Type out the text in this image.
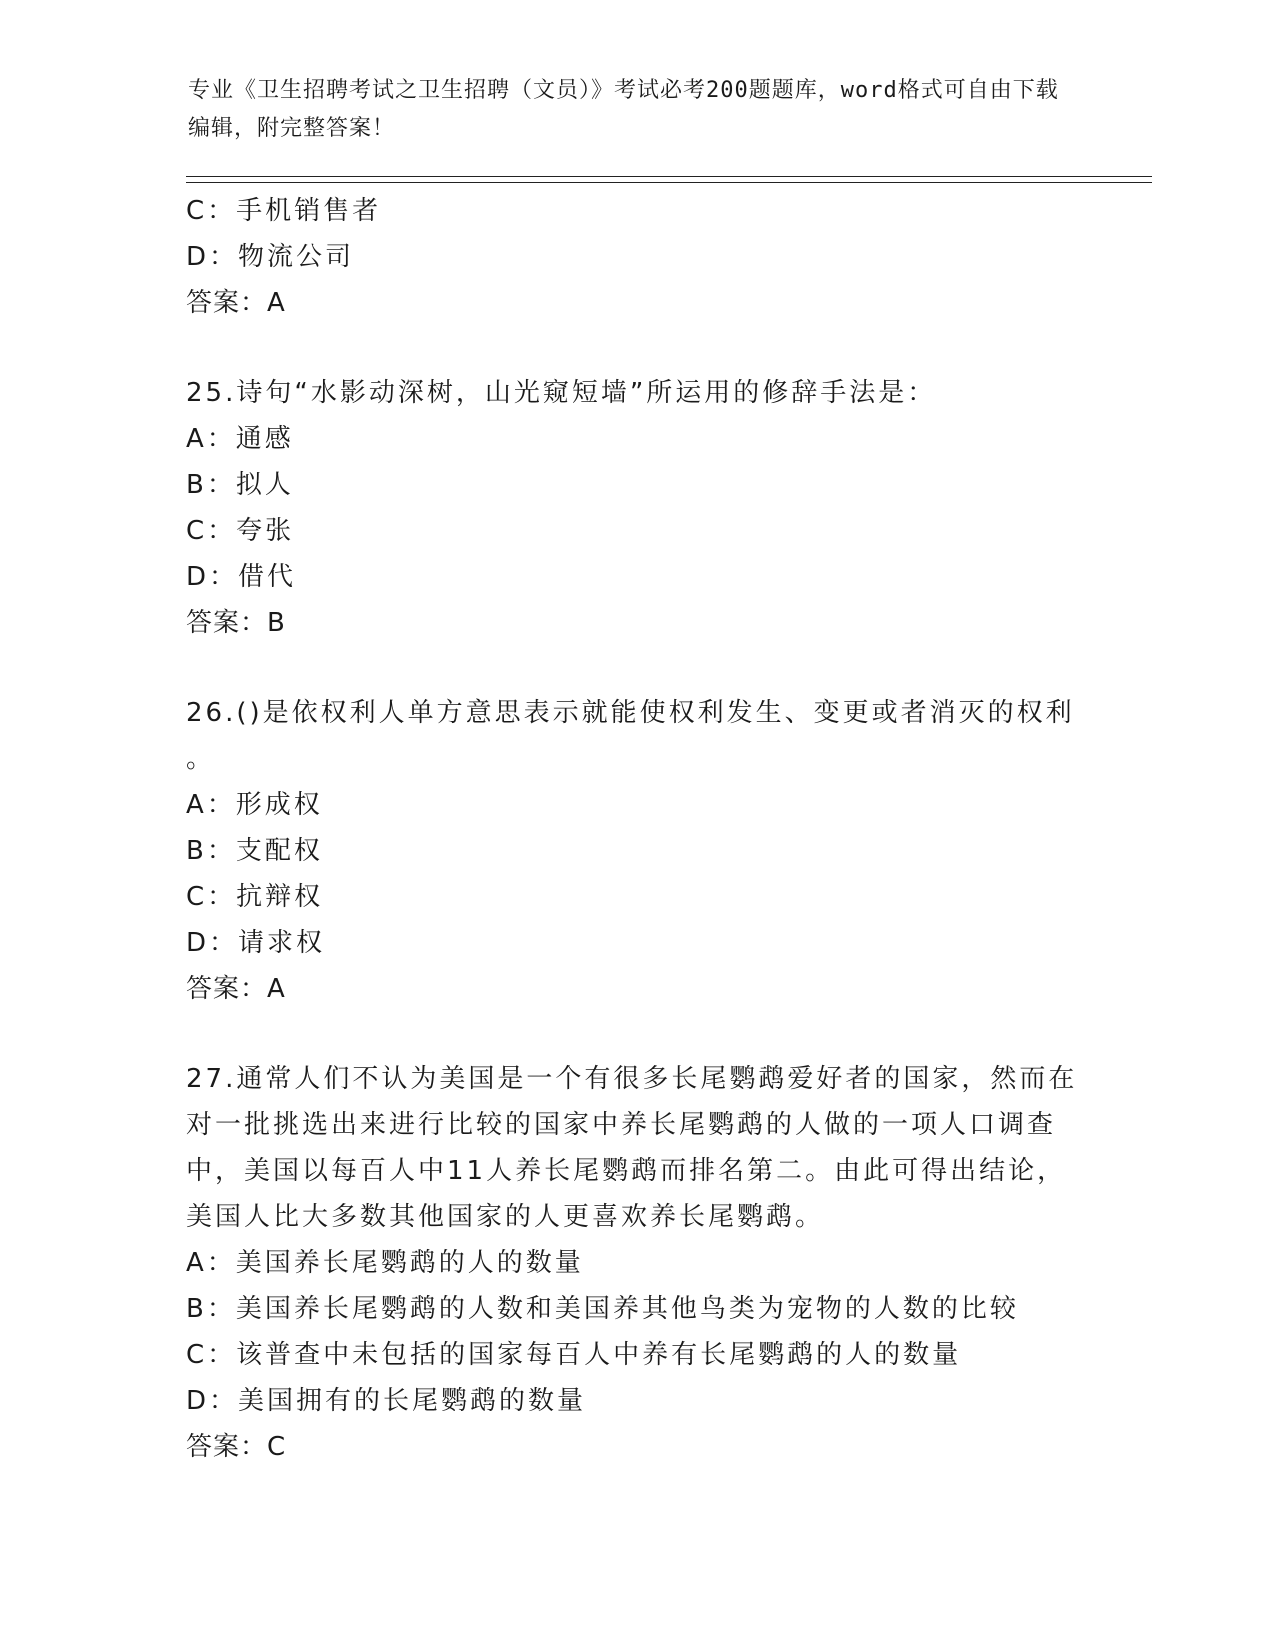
专业《卫生招聘考试之卫生招聘（文员）》考试必考200题题库，word格式可自由下载编辑，附完整答案！
C：手机销售者
D：物流公司
答案：A
25.诗句“水影动深树，山光窥短墙”所运用的修辞手法是：
A：通感
B：拟人
C：夸张
D：借代
答案：B
26.()是依权利人单方意思表示就能使权利发生、变更或者消灭的权利
。
A：形成权
B：支配权
C：抗辩权
D：请求权
答案：A
27.通常人们不认为美国是一个有很多长尾鹦鹉爱好者的国家，然而在
对一批挑选出来进行比较的国家中养长尾鹦鹉的人做的一项人口调查
中，美国以每百人中11人养长尾鹦鹉而排名第二。由此可得出结论，
美国人比大多数其他国家的人更喜欢养长尾鹦鹉。
A：美国养长尾鹦鹉的人的数量
B：美国养长尾鹦鹉的人数和美国养其他鸟类为宠物的人数的比较
C：该普查中未包括的国家每百人中养有长尾鹦鹉的人的数量
D：美国拥有的长尾鹦鹉的数量
答案：C
